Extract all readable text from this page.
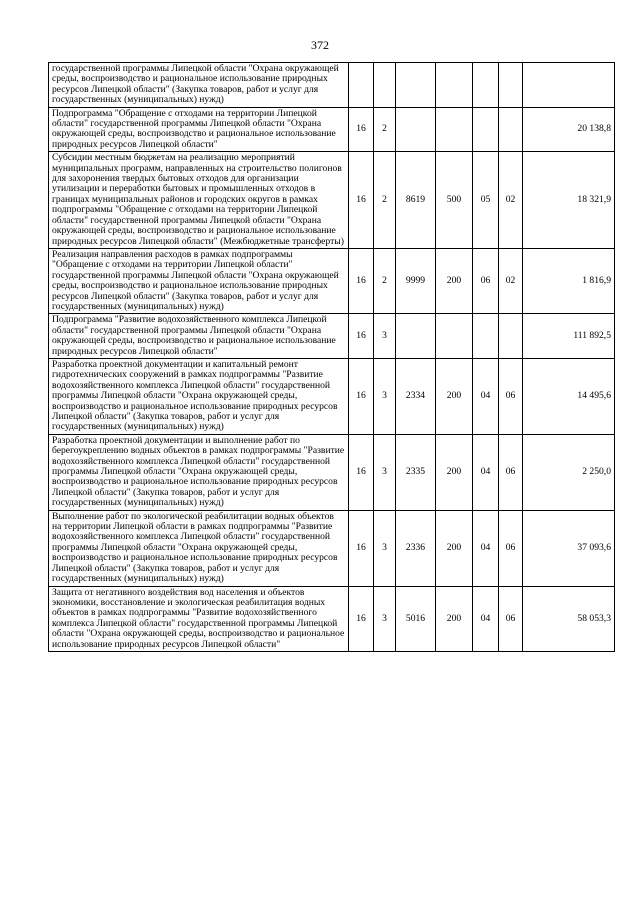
372
государственной программы Липецкой области "Охрана окружающей среды, воспроизводство и рациональное использование природных ресурсов Липецкой области" (Закупка товаров, работ и услуг для государственных (муниципальных) нужд)							
Подпрограмма "Обращение с отходами на территории Липецкой области" государственной программы Липецкой области "Охрана окружающей среды, воспроизводство и рациональное использование природных ресурсов Липецкой области"	16	2					20 138,8
Субсидии местным бюджетам на реализацию мероприятий муниципальных программ, направленных на строительство полигонов для захоронения твердых бытовых отходов для организации утилизации и переработки бытовых и промышленных отходов в границах муниципальных районов и городских округов в рамках подпрограммы "Обращение с отходами на территории Липецкой области" государственной программы Липецкой области "Охрана окружающей среды, воспроизводство и рациональное использование природных ресурсов Липецкой области" (Межбюджетные трансферты)	16	2	8619	500	05	02	18 321,9
Реализация направления расходов в рамках подпрограммы "Обращение с отходами на территории Липецкой области" государственной программы Липецкой области "Охрана окружающей среды, воспроизводство и рациональное использование природных ресурсов Липецкой области" (Закупка товаров, работ и услуг для государственных (муниципальных) нужд)	16	2	9999	200	06	02	1 816,9
Подпрограмма "Развитие водохозяйственного комплекса Липецкой области" государственной программы Липецкой области "Охрана окружающей среды, воспроизводство и рациональное использование природных ресурсов Липецкой области"	16	3					111 892,5
Разработка проектной документации и капитальный ремонт гидротехнических сооружений в рамках подпрограммы "Развитие водохозяйственного комплекса Липецкой области" государственной программы Липецкой области "Охрана окружающей среды, воспроизводство и рациональное использование природных ресурсов Липецкой области" (Закупка товаров, работ и услуг для государственных (муниципальных) нужд)	16	3	2334	200	04	06	14 495,6
Разработка проектной документации и выполнение работ по берегоукреплению водных объектов в рамках подпрограммы "Развитие водохозяйственного комплекса Липецкой области" государственной программы Липецкой области "Охрана окружающей среды, воспроизводство и рациональное использование природных ресурсов Липецкой области" (Закупка товаров, работ и услуг для государственных (муниципальных) нужд)	16	3	2335	200	04	06	2 250,0
Выполнение работ по экологической реабилитации водных объектов на территории Липецкой области в рамках подпрограммы "Развитие водохозяйственного комплекса Липецкой области" государственной программы Липецкой области "Охрана окружающей среды, воспроизводство и рациональное использование природных ресурсов Липецкой области" (Закупка товаров, работ и услуг для государственных (муниципальных) нужд)	16	3	2336	200	04	06	37 093,6
Защита от негативного воздействия вод населения и объектов экономики, восстановление и экологическая реабилитация водных объектов в рамках подпрограммы "Развитие водохозяйственного комплекса Липецкой области" государственной программы Липецкой области "Охрана окружающей среды, воспроизводство и рациональное использование природных ресурсов Липецкой области"	16	3	5016	200	04	06	58 053,3
